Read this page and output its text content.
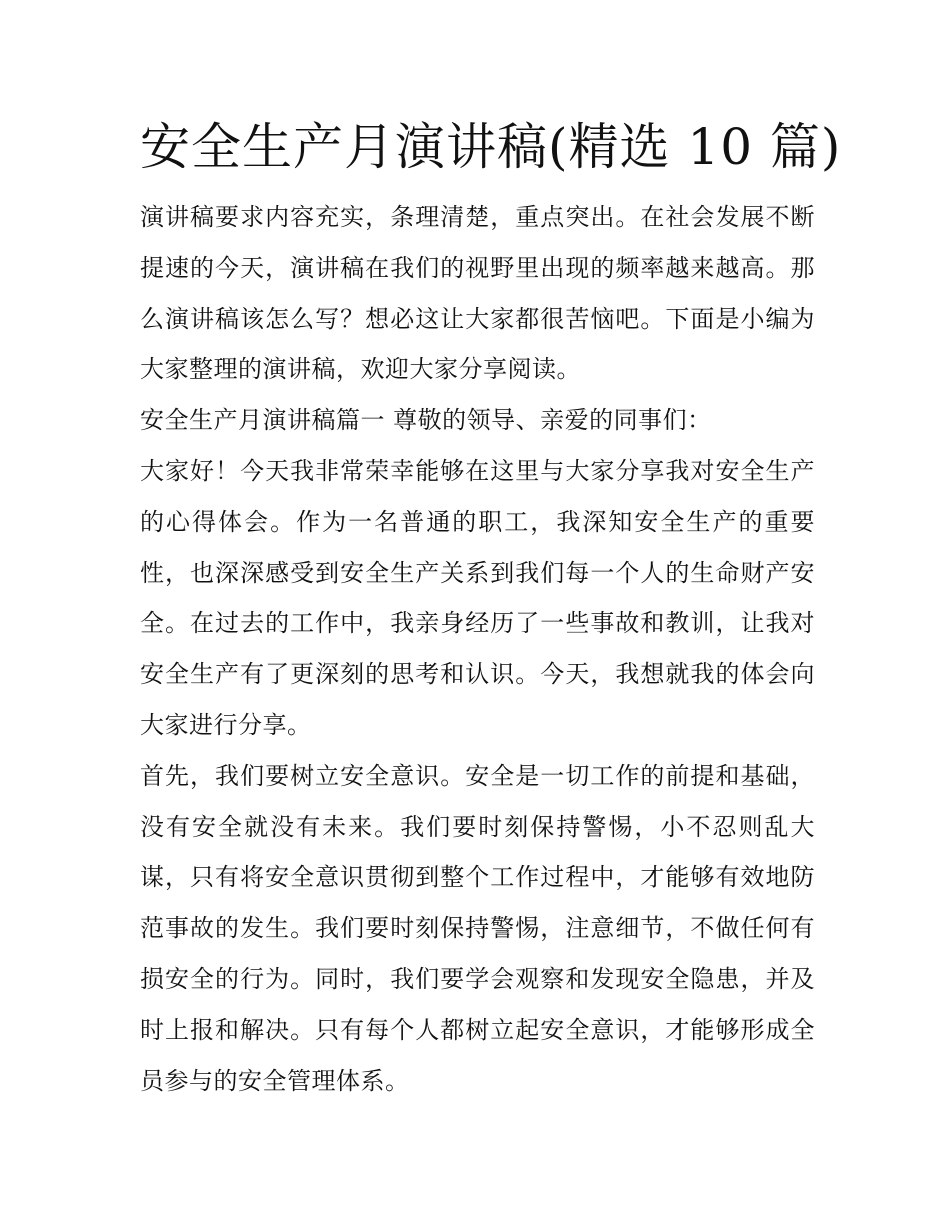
安全生产月演讲稿(精选 10 篇)

演讲稿要求内容充实，条理清楚，重点突出。在社会发展不断提速的今天，演讲稿在我们的视野里出现的频率越来越高。那么演讲稿该怎么写？想必这让大家都很苦恼吧。下面是小编为大家整理的演讲稿，欢迎大家分享阅读。

安全生产月演讲稿篇一 尊敬的领导、亲爱的同事们：

大家好！今天我非常荣幸能够在这里与大家分享我对安全生产的心得体会。作为一名普通的职工，我深知安全生产的重要性，也深深感受到安全生产关系到我们每一个人的生命财产安全。在过去的工作中，我亲身经历了一些事故和教训，让我对安全生产有了更深刻的思考和认识。今天，我想就我的体会向大家进行分享。

首先，我们要树立安全意识。安全是一切工作的前提和基础，没有安全就没有未来。我们要时刻保持警惕，小不忍则乱大谋，只有将安全意识贯彻到整个工作过程中，才能够有效地防范事故的发生。我们要时刻保持警惕，注意细节，不做任何有损安全的行为。同时，我们要学会观察和发现安全隐患，并及时上报和解决。只有每个人都树立起安全意识，才能够形成全员参与的安全管理体系。
